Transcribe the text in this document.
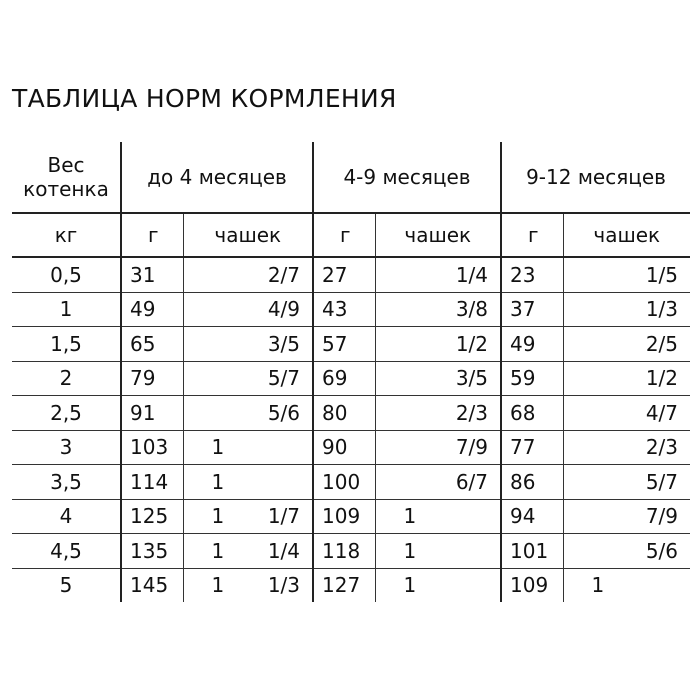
ТАБЛИЦА НОРМ КОРМЛЕНИЯ
Вес котенка	до 4 месяцев		4-9 месяцев		9-12 месяцев	
кг	г	чашек	г	чашек	г	чашек
0,5	31	2/7	27	1/4	23	1/5

1	49	4/9	43	3/8	37	1/3

1,5	65	3/5	57	1/2	49	2/5

2	79	5/7	69	3/5	59	1/2

2,5	91	5/6	80	2/3	68	4/7

3	103	1	90	7/9	77	2/3

3,5	114	1	100	6/7	86	5/7

4	125	1 1/7	109	1	94	7/9

4,5	135	1 1/4	118	1	101	5/6

5	145	1 1/3	127	1	109	1
